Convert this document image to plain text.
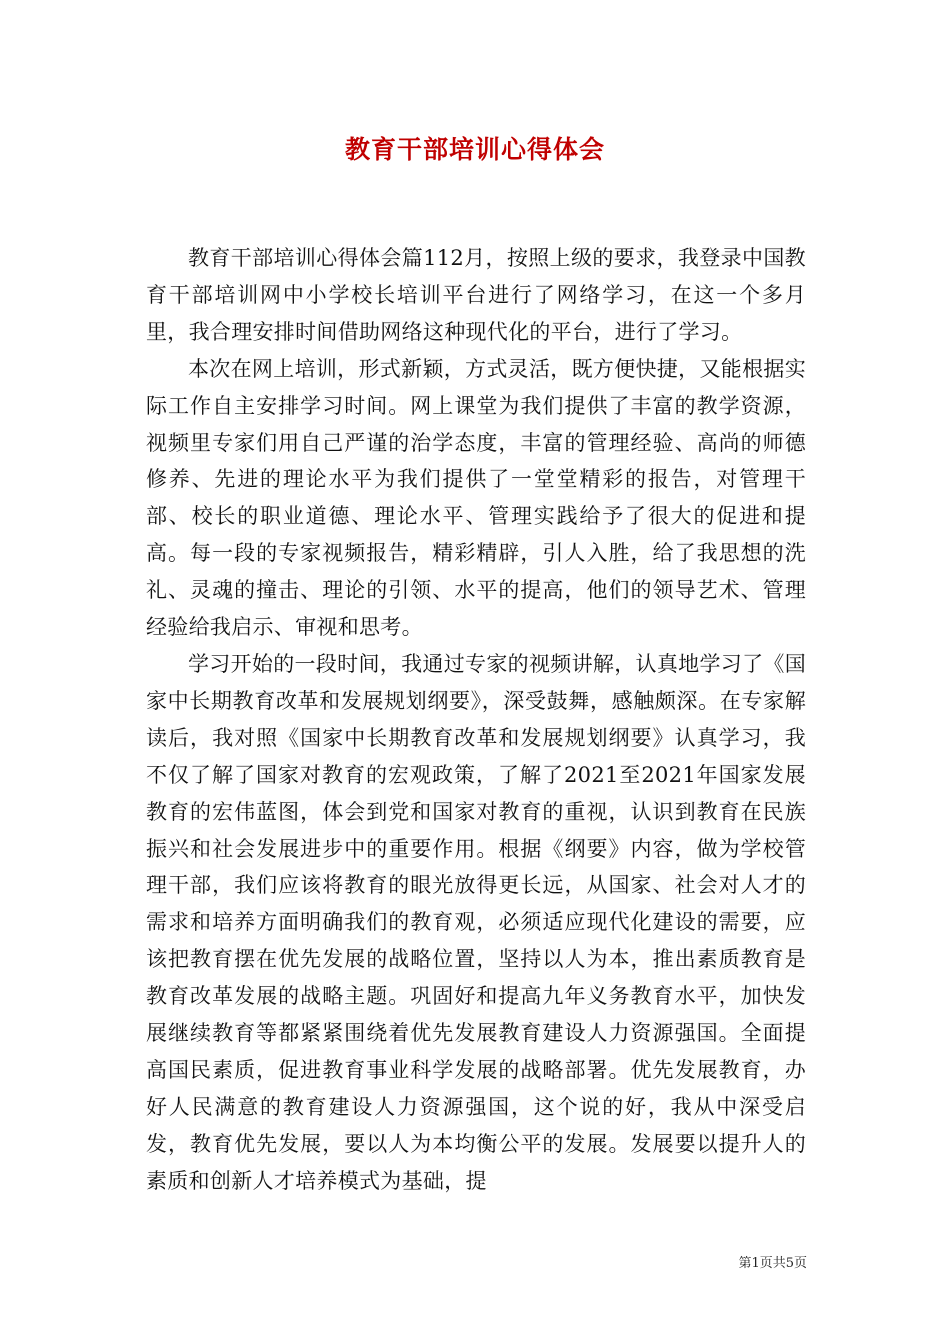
教育干部培训心得体会

教育干部培训心得体会篇112月，按照上级的要求，我登录中国教育干部培训网中小学校长培训平台进行了网络学习，在这一个多月里，我合理安排时间借助网络这种现代化的平台，进行了学习。

本次在网上培训，形式新颖，方式灵活，既方便快捷，又能根据实际工作自主安排学习时间。网上课堂为我们提供了丰富的教学资源，视频里专家们用自己严谨的治学态度，丰富的管理经验、高尚的师德修养、先进的理论水平为我们提供了一堂堂精彩的报告，对管理干部、校长的职业道德、理论水平、管理实践给予了很大的促进和提高。每一段的专家视频报告，精彩精辟，引人入胜，给了我思想的洗礼、灵魂的撞击、理论的引领、水平的提高，他们的领导艺术、管理经验给我启示、审视和思考。

学习开始的一段时间，我通过专家的视频讲解，认真地学习了《国家中长期教育改革和发展规划纲要》，深受鼓舞，感触颇深。在专家解读后，我对照《国家中长期教育改革和发展规划纲要》认真学习，我不仅了解了国家对教育的宏观政策，了解了2021至2021年国家发展教育的宏伟蓝图，体会到党和国家对教育的重视，认识到教育在民族振兴和社会发展进步中的重要作用。根据《纲要》内容，做为学校管理干部，我们应该将教育的眼光放得更长远，从国家、社会对人才的需求和培养方面明确我们的教育观，必须适应现代化建设的需要，应该把教育摆在优先发展的战略位置，坚持以人为本，推出素质教育是教育改革发展的战略主题。巩固好和提高九年义务教育水平，加快发展继续教育等都紧紧围绕着优先发展教育建设人力资源强国。全面提高国民素质，促进教育事业科学发展的战略部署。优先发展教育，办好人民满意的教育建设人力资源强国，这个说的好，我从中深受启发，教育优先发展，要以人为本均衡公平的发展。发展要以提升人的素质和创新人才培养模式为基础，提

第1页共5页
